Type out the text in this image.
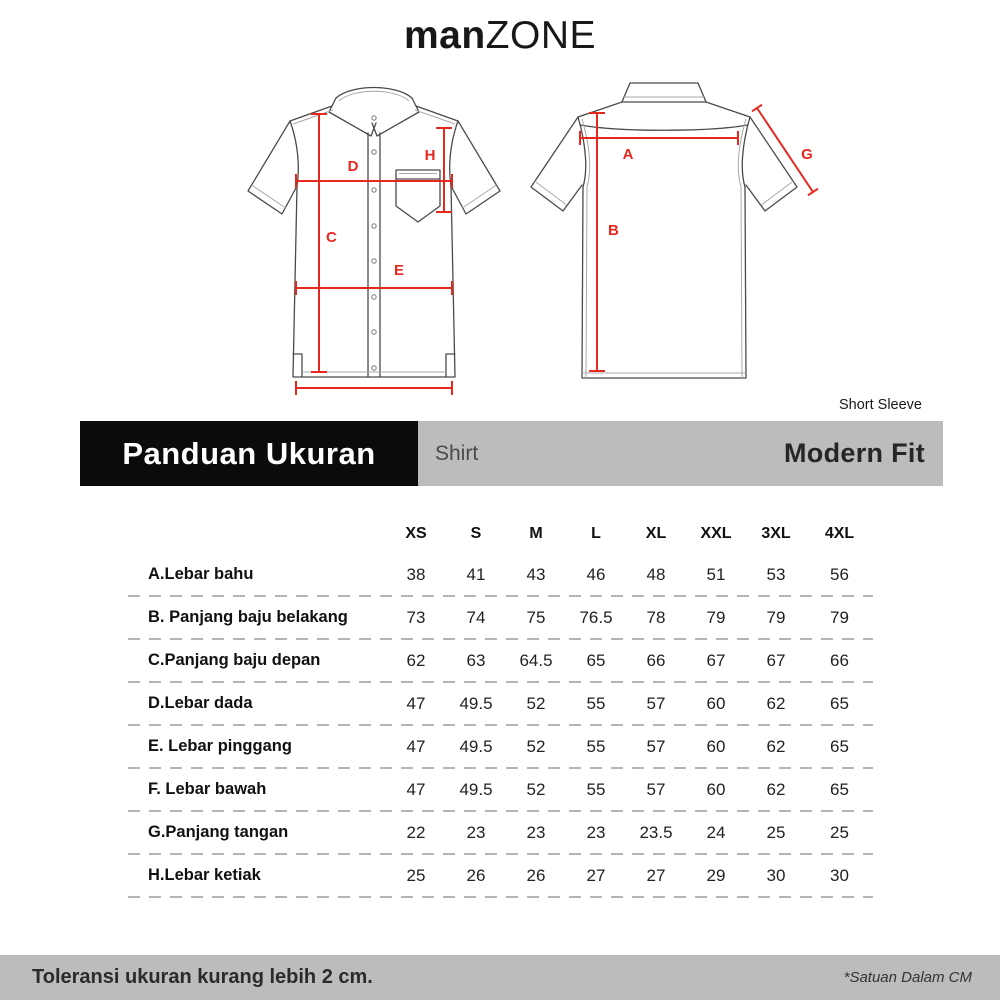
manZONE
C
D
E
H	A
B
G
Short Sleeve
Panduan Ukuran	Shirt	Modern Fit
XS	S	M	L	XL	XXL	3XL	4XL
A.Lebar bahu	38	41	43	46	48	51	53	56
B. Panjang baju belakang	73	74	75	76.5	78	79	79	79
C.Panjang baju depan	62	63	64.5	65	66	67	67	66
D.Lebar dada	47	49.5	52	55	57	60	62	65
E. Lebar pinggang	47	49.5	52	55	57	60	62	65
F. Lebar bawah	47	49.5	52	55	57	60	62	65
G.Panjang tangan	22	23	23	23	23.5	24	25	25
H.Lebar ketiak	25	26	26	27	27	29	30	30
Toleransi ukuran kurang lebih 2 cm.	*Satuan Dalam CM
